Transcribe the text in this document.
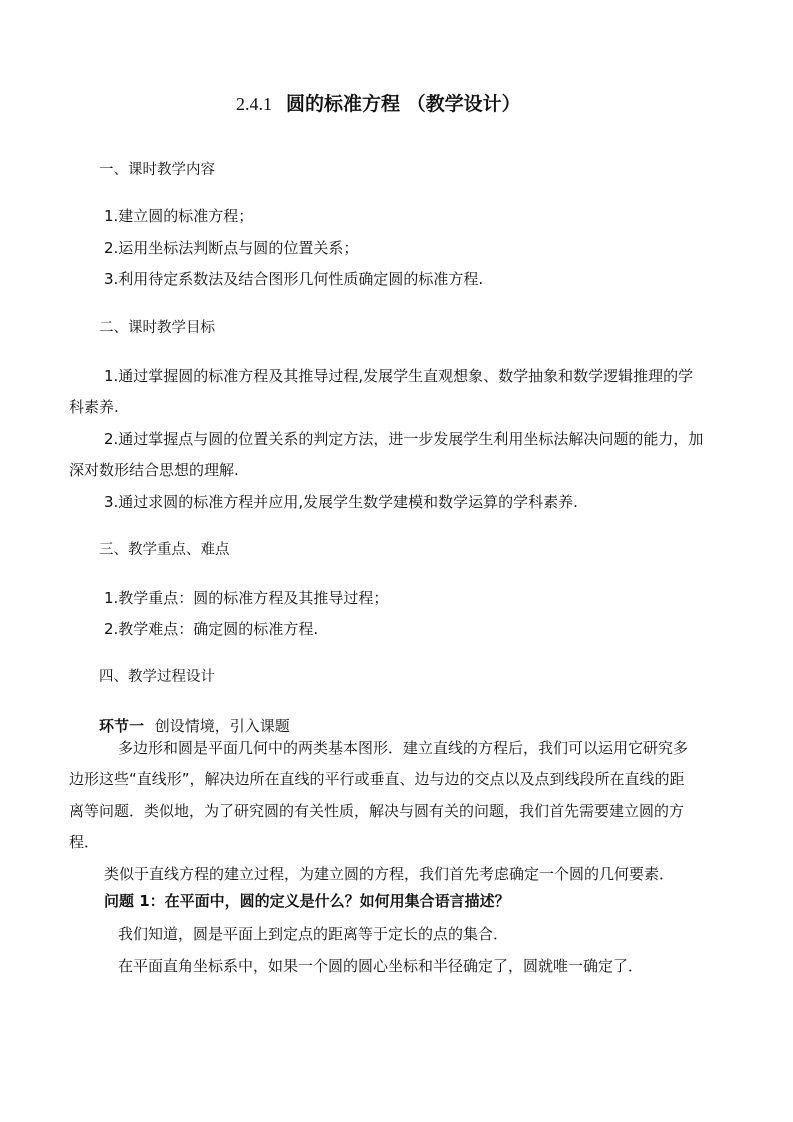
2.4.1 圆的标准方程 （教学设计）
一、课时教学内容
1.建立圆的标准方程；
2.运用坐标法判断点与圆的位置关系；
3.利用待定系数法及结合图形几何性质确定圆的标准方程.
二、课时教学目标
1.通过掌握圆的标准方程及其推导过程,发展学生直观想象、数学抽象和数学逻辑推理的学
科素养.
2.通过掌握点与圆的位置关系的判定方法，进一步发展学生利用坐标法解决问题的能力，加
深对数形结合思想的理解.
3.通过求圆的标准方程并应用,发展学生数学建模和数学运算的学科素养.
三、教学重点、难点
1.教学重点：圆的标准方程及其推导过程；
2.教学难点：确定圆的标准方程.
四、教学过程设计
环节一 创设情境，引入课题
多边形和圆是平面几何中的两类基本图形．建立直线的方程后，我们可以运用它研究多
边形这些“直线形”，解决边所在直线的平行或垂直、边与边的交点以及点到线段所在直线的距
离等问题．类似地，为了研究圆的有关性质，解决与圆有关的问题，我们首先需要建立圆的方
程．
类似于直线方程的建立过程，为建立圆的方程，我们首先考虑确定一个圆的几何要素．
问题 1：在平面中，圆的定义是什么？如何用集合语言描述？
我们知道，圆是平面上到定点的距离等于定长的点的集合．
在平面直角坐标系中，如果一个圆的圆心坐标和半径确定了，圆就唯一确定了．
